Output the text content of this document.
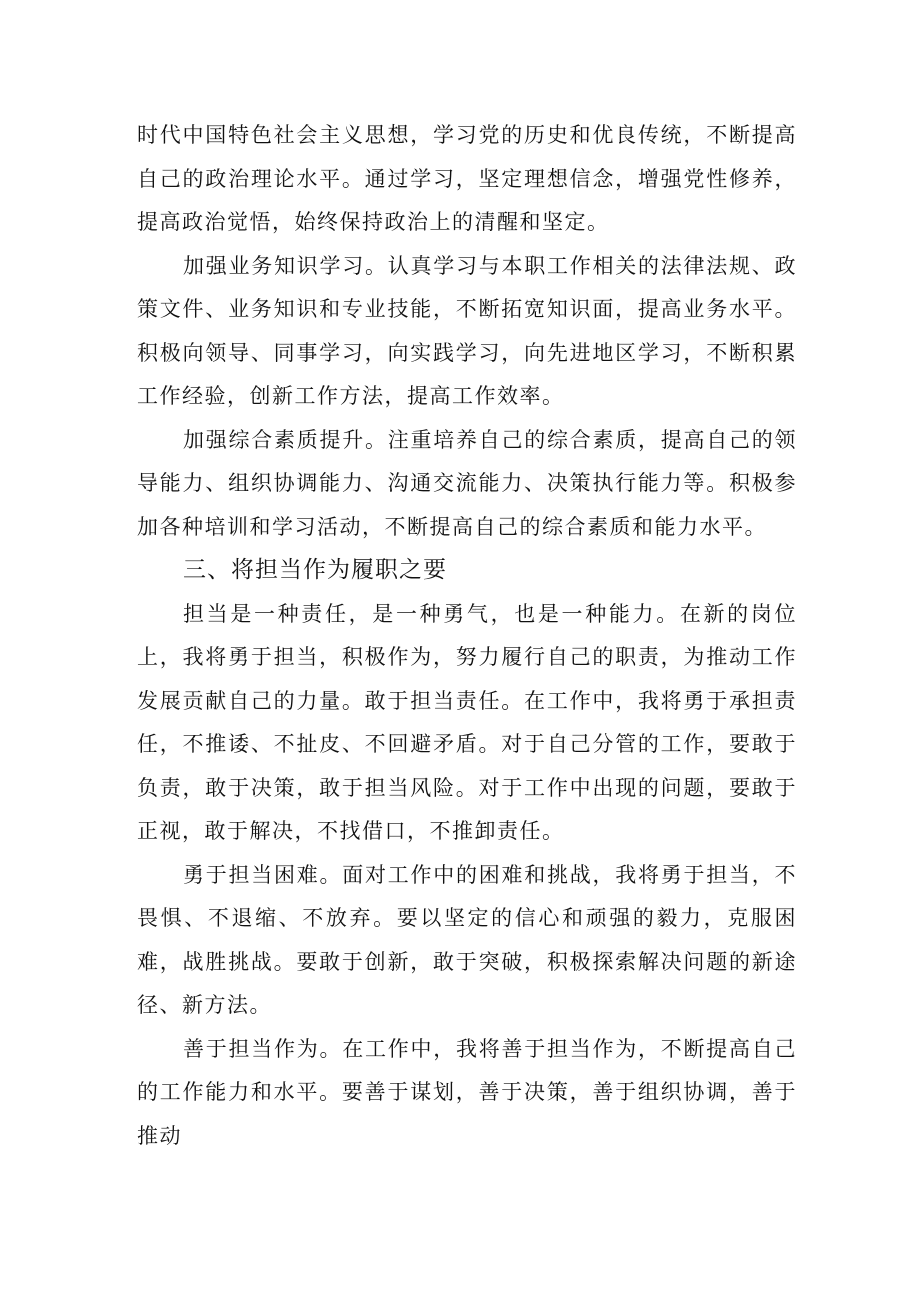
时代中国特色社会主义思想，学习党的历史和优良传统，不断提高自己的政治理论水平。通过学习，坚定理想信念，增强党性修养，提高政治觉悟，始终保持政治上的清醒和坚定。

加强业务知识学习。认真学习与本职工作相关的法律法规、政策文件、业务知识和专业技能，不断拓宽知识面，提高业务水平。积极向领导、同事学习，向实践学习，向先进地区学习，不断积累工作经验，创新工作方法，提高工作效率。

加强综合素质提升。注重培养自己的综合素质，提高自己的领导能力、组织协调能力、沟通交流能力、决策执行能力等。积极参加各种培训和学习活动，不断提高自己的综合素质和能力水平。

三、将担当作为履职之要

担当是一种责任，是一种勇气，也是一种能力。在新的岗位上，我将勇于担当，积极作为，努力履行自己的职责，为推动工作发展贡献自己的力量。敢于担当责任。在工作中，我将勇于承担责任，不推诿、不扯皮、不回避矛盾。对于自己分管的工作，要敢于负责，敢于决策，敢于担当风险。对于工作中出现的问题，要敢于正视，敢于解决，不找借口，不推卸责任。

勇于担当困难。面对工作中的困难和挑战，我将勇于担当，不畏惧、不退缩、不放弃。要以坚定的信心和顽强的毅力，克服困难，战胜挑战。要敢于创新，敢于突破，积极探索解决问题的新途径、新方法。

善于担当作为。在工作中，我将善于担当作为，不断提高自己的工作能力和水平。要善于谋划，善于决策，善于组织协调，善于推动
